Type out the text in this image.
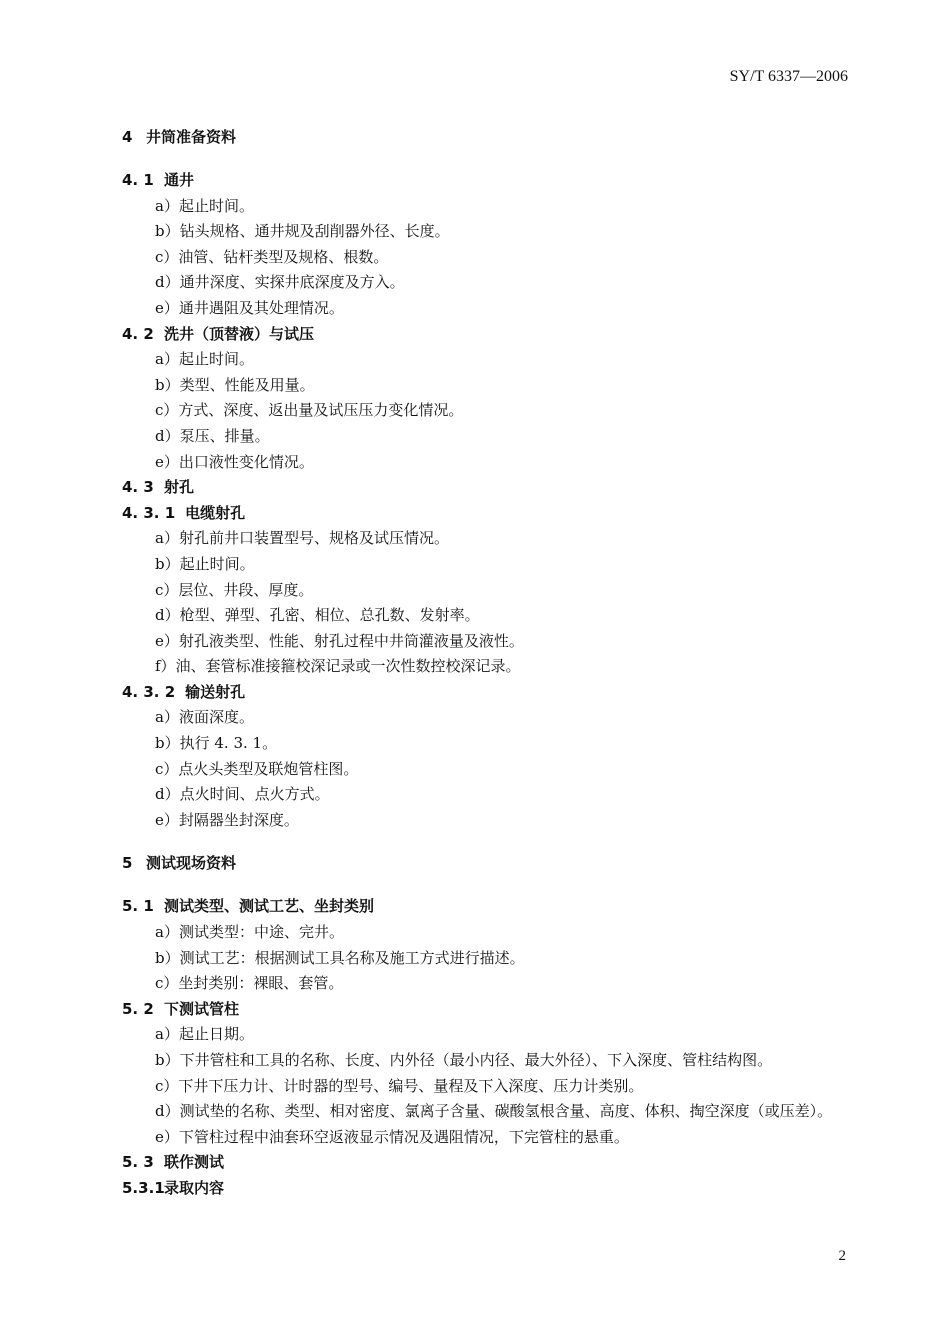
SY/T 6337—2006
4 井筒准备资料
4. 1 通井
a）起止时间。
b）钻头规格、通井规及刮削器外径、长度。
c）油管、钻杆类型及规格、根数。
d）通井深度、实探井底深度及方入。
e）通井遇阻及其处理情况。
4. 2 洗井（顶替液）与试压
a）起止时间。
b）类型、性能及用量。
c）方式、深度、返出量及试压压力变化情况。
d）泵压、排量。
e）出口液性变化情况。
4. 3 射孔
4. 3. 1 电缆射孔
a）射孔前井口装置型号、规格及试压情况。
b）起止时间。
c）层位、井段、厚度。
d）枪型、弹型、孔密、相位、总孔数、发射率。
e）射孔液类型、性能、射孔过程中井筒灌液量及液性。
f）油、套管标准接箍校深记录或一次性数控校深记录。
4. 3. 2 输送射孔
a）液面深度。
b）执行 4. 3. 1。
c）点火头类型及联炮管柱图。
d）点火时间、点火方式。
e）封隔器坐封深度。
5 测试现场资料
5. 1 测试类型、测试工艺、坐封类别
a）测试类型：中途、完井。
b）测试工艺：根据测试工具名称及施工方式进行描述。
c）坐封类别：裸眼、套管。
5. 2 下测试管柱
a）起止日期。
b）下井管柱和工具的名称、长度、内外径（最小内径、最大外径）、下入深度、管柱结构图。
c）下井下压力计、计时器的型号、编号、量程及下入深度、压力计类别。
d）测试垫的名称、类型、相对密度、氯离子含量、碳酸氢根含量、高度、体积、掏空深度（或压差）。
e）下管柱过程中油套环空返液显示情况及遇阻情况，下完管柱的悬重。
5. 3 联作测试
5.3.1录取内容
2
